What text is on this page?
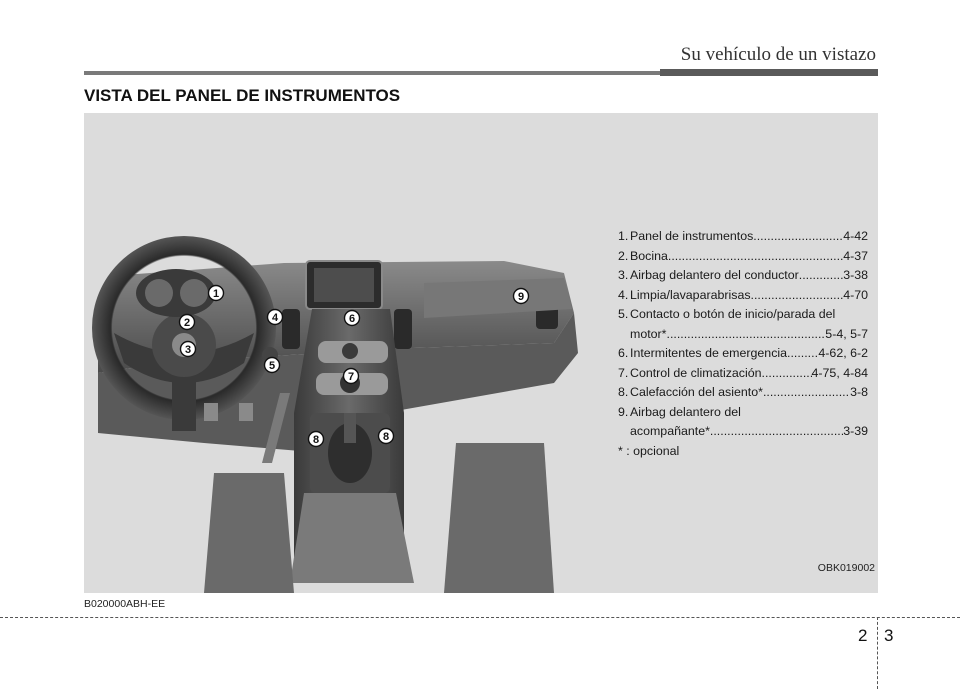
Su vehículo de un vistazo
VISTA DEL PANEL DE INSTRUMENTOS
1
2
3
4
5
6
7
8	8
9
1. Panel de instrumentos .....	4-42
2. Bocina .....	4-37
3. Airbag delantero del conductor .....	3-38
4. Limpia/lavaparabrisas .....	4-70
5. Contacto o botón de inicio/parada del
motor* .....	5-4, 5-7
6. Intermitentes de emergencia .....	4-62, 6-2
7. Control de climatización .....	4-75, 4-84
8. Calefacción del asiento* .....	3-8
9. Airbag delantero del
acompañante* .....	3-39
* : opcional
OBK019002
B020000ABH-EE
2 3
